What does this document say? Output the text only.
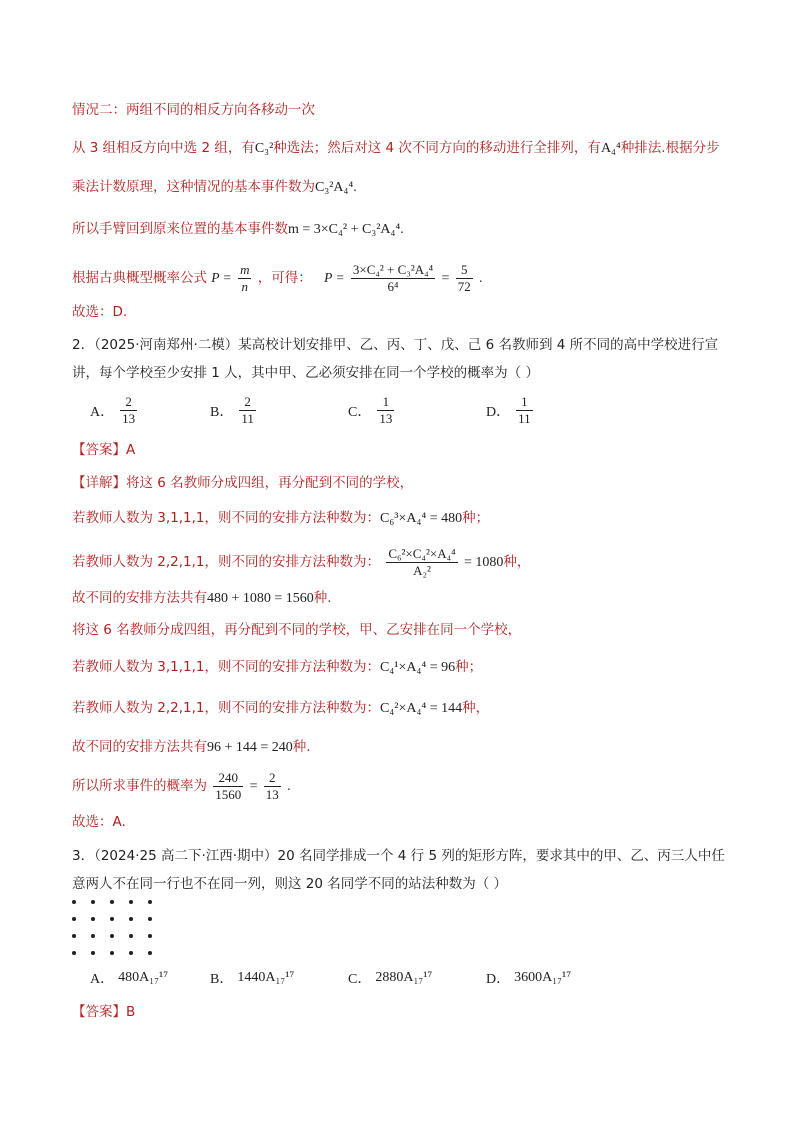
情况二：两组不同的相反方向各移动一次
从 3 组相反方向中选 2 组，有C₃²种选法；然后对这 4 次不同方向的移动进行全排列，有A₄⁴种排法.根据分步
乘法计数原理，这种情况的基本事件数为C₃²A₄⁴.
所以手臂回到原来位置的基本事件数m = 3×C₄² + C₃²A₄⁴.
根据古典概型概率公式 $P = \frac{m}{n}$ ，可得： $P = \frac{\text{3×C₄² + C₃²A₄⁴}}{\text{6⁴}} = \frac{5}{72}$ .
故选：D.
2．（2025·河南郑州·二模）某高校计划安排甲、乙、丙、丁、戊、己 6 名教师到 4 所不同的高中学校进行宣
讲，每个学校至少安排 1 人，其中甲、乙必须安排在同一个学校的概率为（ ）
A． $\frac{2}{13}$	B． $\frac{2}{11}$	C． $\frac{1}{13}$	D． $\frac{1}{11}$
【答案】A
【详解】将这 6 名教师分成四组，再分配到不同的学校，
若教师人数为 3,1,1,1，则不同的安排方法种数为：C₆³×A₄⁴ = 480种；
若教师人数为 2,2,1,1，则不同的安排方法种数为： $\frac{\text{C₆²×C₄²×A₄⁴}}{\text{A₂²}} = 1080$种，
故不同的安排方法共有480 + 1080 = 1560种.
将这 6 名教师分成四组，再分配到不同的学校，甲、乙安排在同一个学校，
若教师人数为 3,1,1,1，则不同的安排方法种数为：C₄¹×A₄⁴ = 96种；
若教师人数为 2,2,1,1，则不同的安排方法种数为：C₄²×A₄⁴ = 144种，
故不同的安排方法共有96 + 144 = 240种.
所以所求事件的概率为 $\frac{240}{1560} = \frac{2}{13}$ .
故选：A.
3．（2024·25 高二下·江西·期中）20 名同学排成一个 4 行 5 列的矩形方阵，要求其中的甲、乙、丙三人中任
意两人不在同一行也不在同一列，则这 20 名同学不同的站法种数为（ ）
A． 480A₁₇¹⁷	B． 1440A₁₇¹⁷	C． 2880A₁₇¹⁷	D． 3600A₁₇¹⁷
【答案】B
